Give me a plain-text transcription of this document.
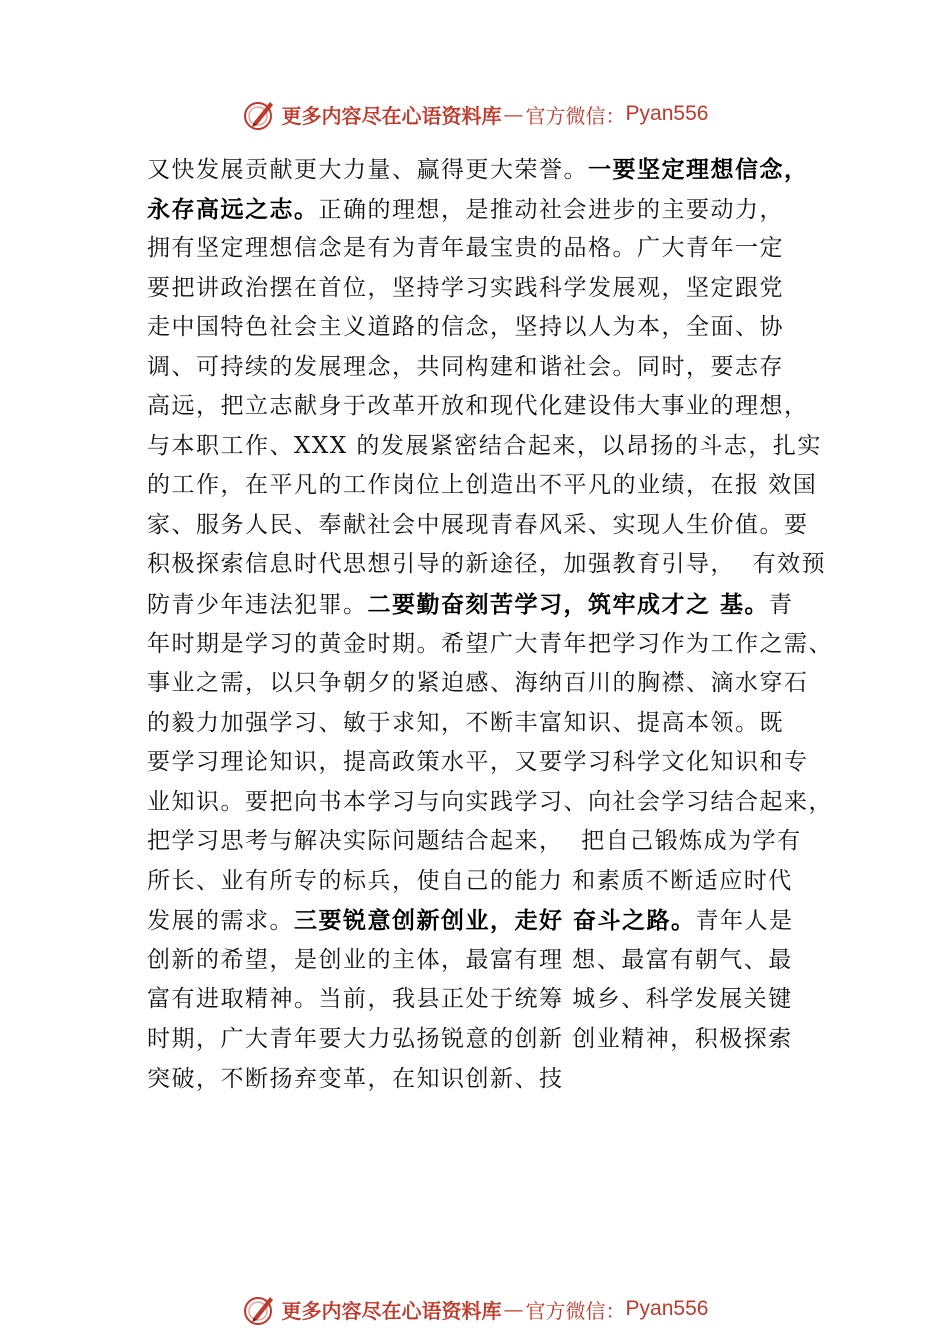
更多内容尽在心语资料库 — 官方微信： Pyan556
又快发展贡献更大力量、赢得更大荣誉。一要坚定理想信念，
永存高远之志。正确的理想，是推动社会进步的主要动力，
拥有坚定理想信念是有为青年最宝贵的品格。广大青年一定
要把讲政治摆在首位，坚持学习实践科学发展观，坚定跟党
走中国特色社会主义道路的信念，坚持以人为本，全面、协
调、可持续的发展理念，共同构建和谐社会。同时，要志存
高远，把立志献身于改革开放和现代化建设伟大事业的理想，
与本职工作、XXX 的发展紧密结合起来，以昂扬的斗志，扎实
的工作，在平凡的工作岗位上创造出不平凡的业绩，在报 效国
家、服务人民、奉献社会中展现青春风采、实现人生价值。要
积极探索信息时代思想引导的新途径，加强教育引导，  有效预
防青少年违法犯罪。二要勤奋刻苦学习，筑牢成才之 基。青
年时期是学习的黄金时期。希望广大青年把学习作为工作之需、
事业之需，以只争朝夕的紧迫感、海纳百川的胸襟、滴水穿石
的毅力加强学习、敏于求知，不断丰富知识、提高本领。既
要学习理论知识，提高政策水平，又要学习科学文化知识和专
业知识。要把向书本学习与向实践学习、向社会学习结合起来，
把学习思考与解决实际问题结合起来，  把自己锻炼成为学有
所长、业有所专的标兵，使自己的能力 和素质不断适应时代
发展的需求。三要锐意创新创业，走好 奋斗之路。青年人是
创新的希望，是创业的主体，最富有理 想、最富有朝气、最
富有进取精神。当前，我县正处于统筹 城乡、科学发展关键
时期，广大青年要大力弘扬锐意的创新 创业精神，积极探索
突破，不断扬弃变革，在知识创新、技
更多内容尽在心语资料库 — 官方微信： Pyan556
